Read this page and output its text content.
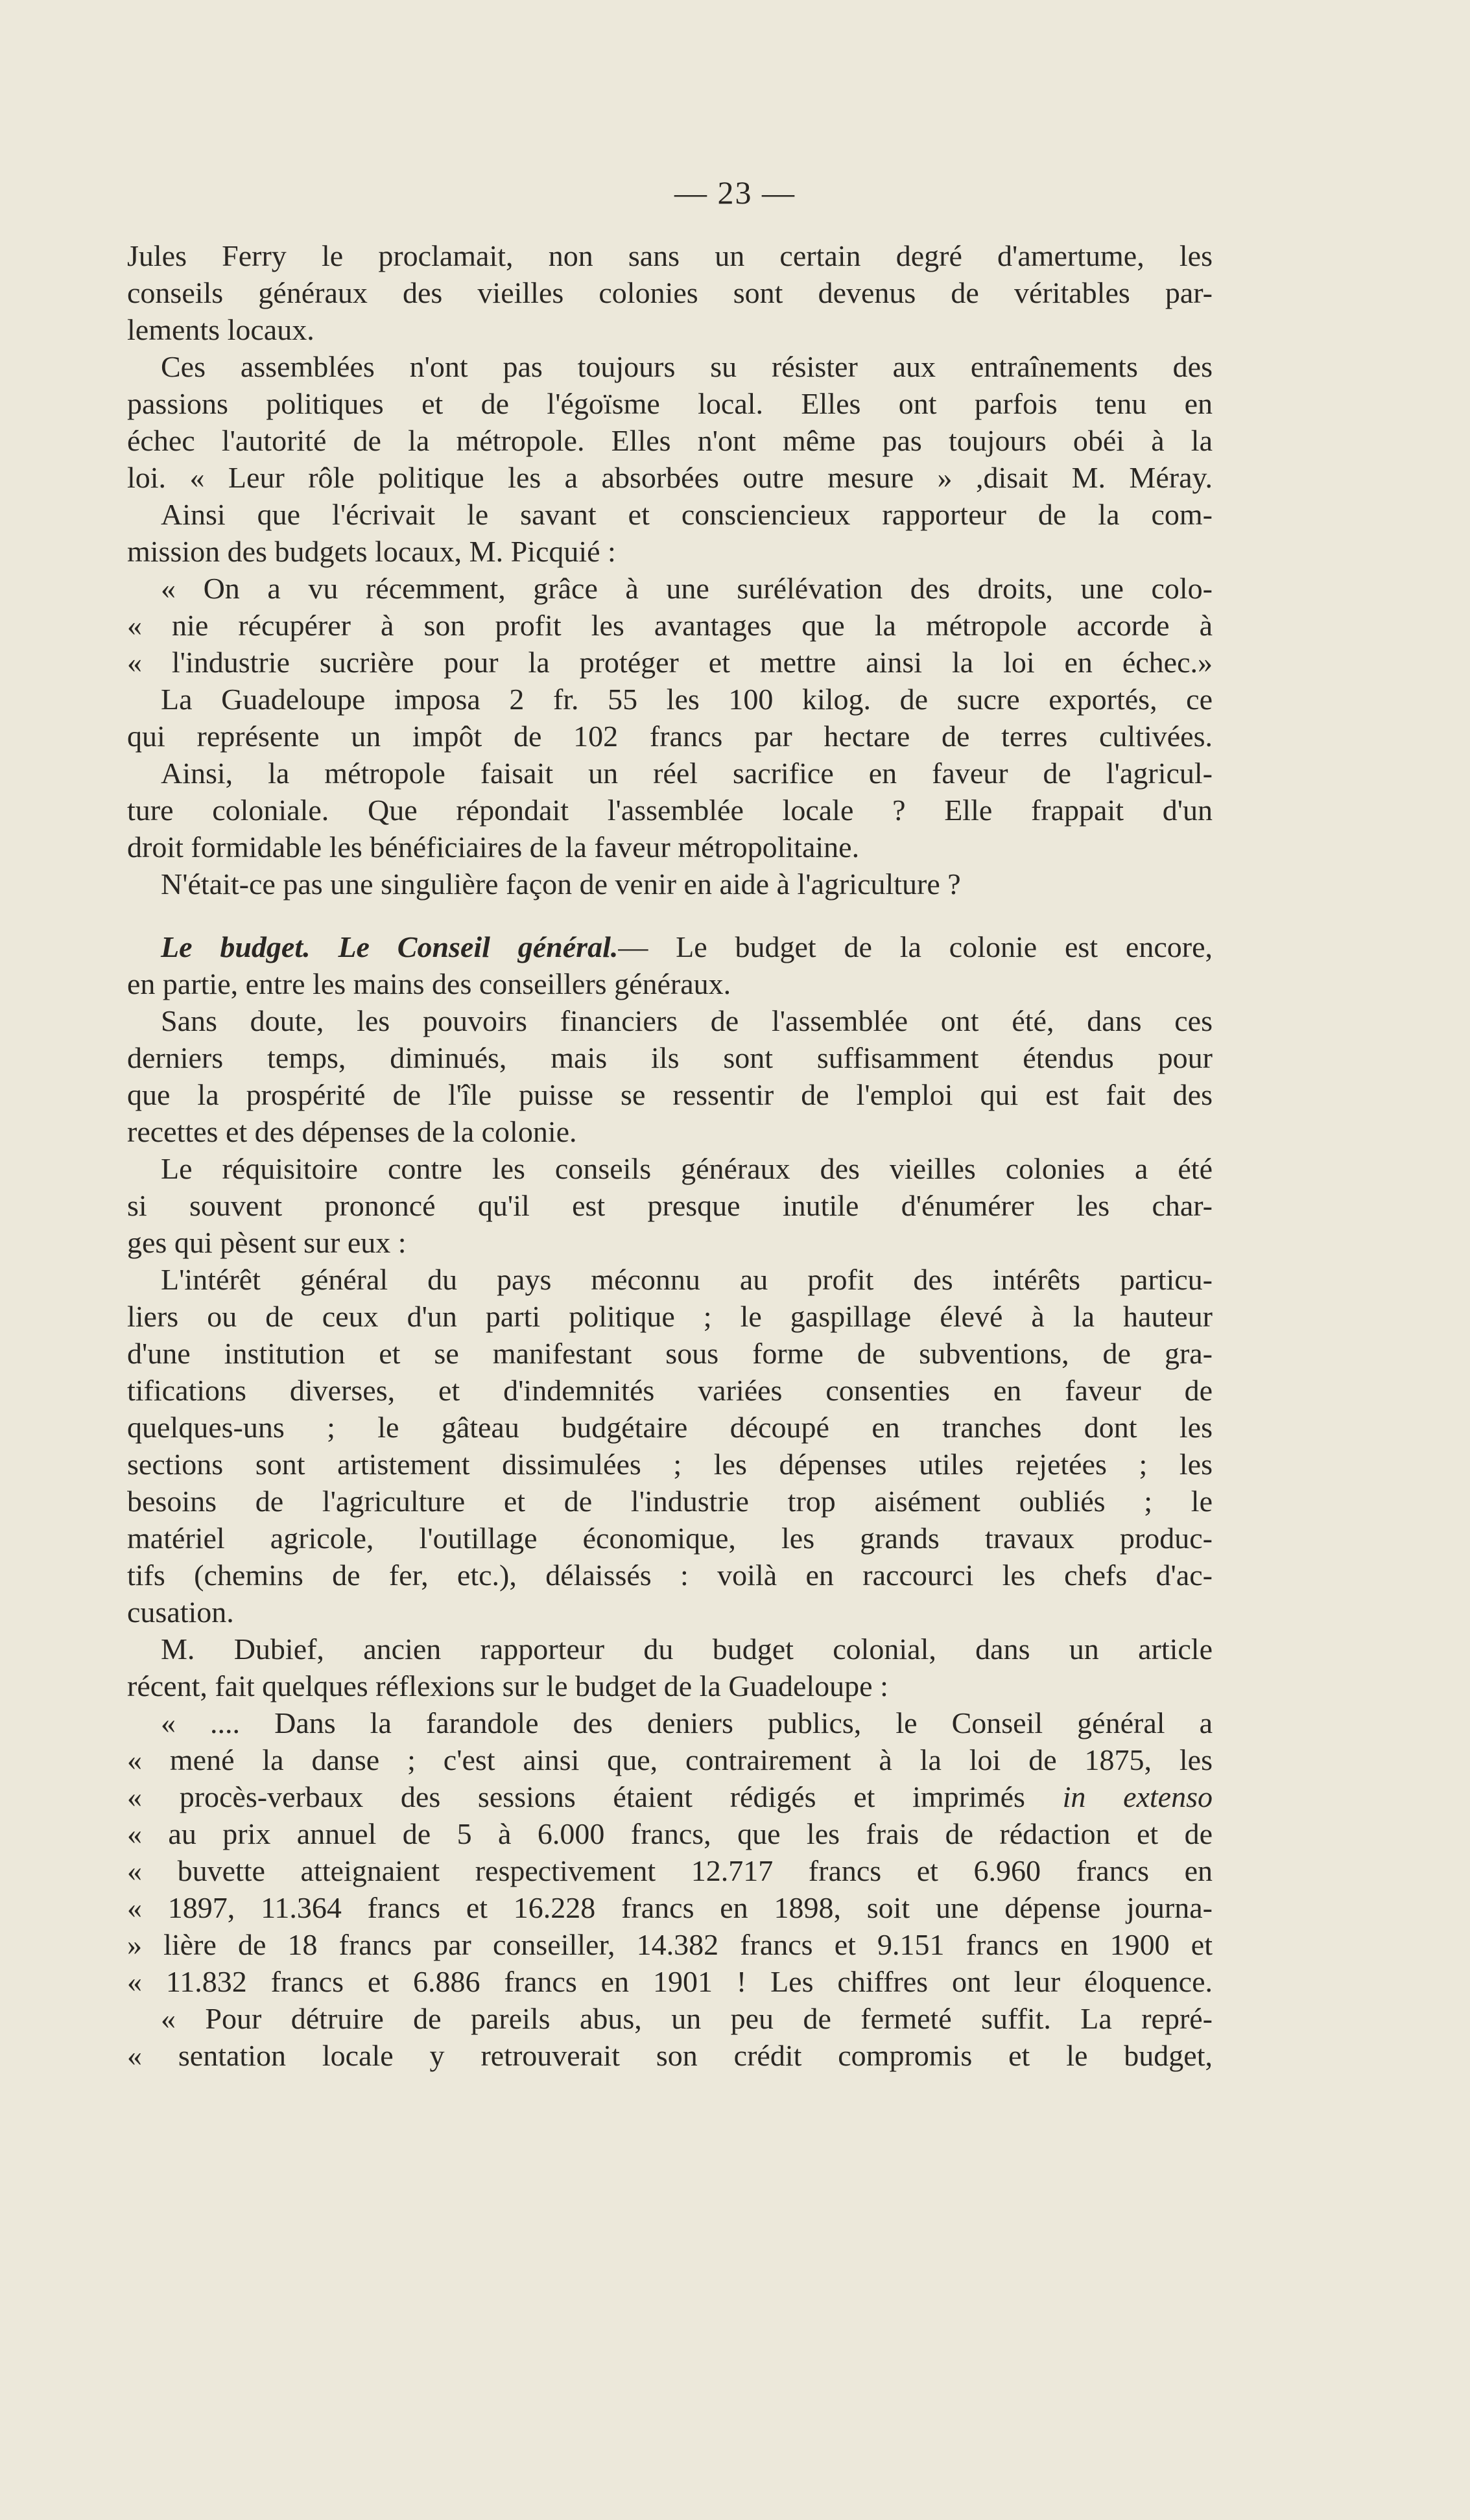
— 23 —
Jules Ferry le proclamait, non sans un certain degré d'amertume, les
conseils généraux des vieilles colonies sont devenus de véritables par-
lements locaux.
Ces assemblées n'ont pas toujours su résister aux entraînements des
passions politiques et de l'égoïsme local. Elles ont parfois tenu en
échec l'autorité de la métropole. Elles n'ont même pas toujours obéi à la
loi. « Leur rôle politique les a absorbées outre mesure » ,disait M. Méray.
Ainsi que l'écrivait le savant et consciencieux rapporteur de la com-
mission des budgets locaux, M. Picquié :
« On a vu récemment, grâce à une surélévation des droits, une colo-
« nie récupérer à son profit les avantages que la métropole accorde à
« l'industrie sucrière pour la protéger et mettre ainsi la loi en échec.»
La Guadeloupe imposa 2 fr. 55 les 100 kilog. de sucre exportés, ce
qui représente un impôt de 102 francs par hectare de terres cultivées.
Ainsi, la métropole faisait un réel sacrifice en faveur de l'agricul-
ture coloniale. Que répondait l'assemblée locale ? Elle frappait d'un
droit formidable les bénéficiaires de la faveur métropolitaine.
N'était-ce pas une singulière façon de venir en aide à l'agriculture ?
Le budget. Le Conseil général.— Le budget de la colonie est encore,
en partie, entre les mains des conseillers généraux.
Sans doute, les pouvoirs financiers de l'assemblée ont été, dans ces
derniers temps, diminués, mais ils sont suffisamment étendus pour
que la prospérité de l'île puisse se ressentir de l'emploi qui est fait des
recettes et des dépenses de la colonie.
Le réquisitoire contre les conseils généraux des vieilles colonies a été
si souvent prononcé qu'il est presque inutile d'énumérer les char-
ges qui pèsent sur eux :
L'intérêt général du pays méconnu au profit des intérêts particu-
liers ou de ceux d'un parti politique ; le gaspillage élevé à la hauteur
d'une institution et se manifestant sous forme de subventions, de gra-
tifications diverses, et d'indemnités variées consenties en faveur de
quelques-uns ; le gâteau budgétaire découpé en tranches dont les
sections sont artistement dissimulées ; les dépenses utiles rejetées ; les
besoins de l'agriculture et de l'industrie trop aisément oubliés ; le
matériel agricole, l'outillage économique, les grands travaux produc-
tifs (chemins de fer, etc.), délaissés : voilà en raccourci les chefs d'ac-
cusation.
M. Dubief, ancien rapporteur du budget colonial, dans un article
récent, fait quelques réflexions sur le budget de la Guadeloupe :
« .... Dans la farandole des deniers publics, le Conseil général a
« mené la danse ; c'est ainsi que, contrairement à la loi de 1875, les
« procès-verbaux des sessions étaient rédigés et imprimés in extenso
« au prix annuel de 5 à 6.000 francs, que les frais de rédaction et de
« buvette atteignaient respectivement 12.717 francs et 6.960 francs en
« 1897, 11.364 francs et 16.228 francs en 1898, soit une dépense journa-
» lière de 18 francs par conseiller, 14.382 francs et 9.151 francs en 1900 et
« 11.832 francs et 6.886 francs en 1901 ! Les chiffres ont leur éloquence.
« Pour détruire de pareils abus, un peu de fermeté suffit. La repré-
« sentation locale y retrouverait son crédit compromis et le budget,
